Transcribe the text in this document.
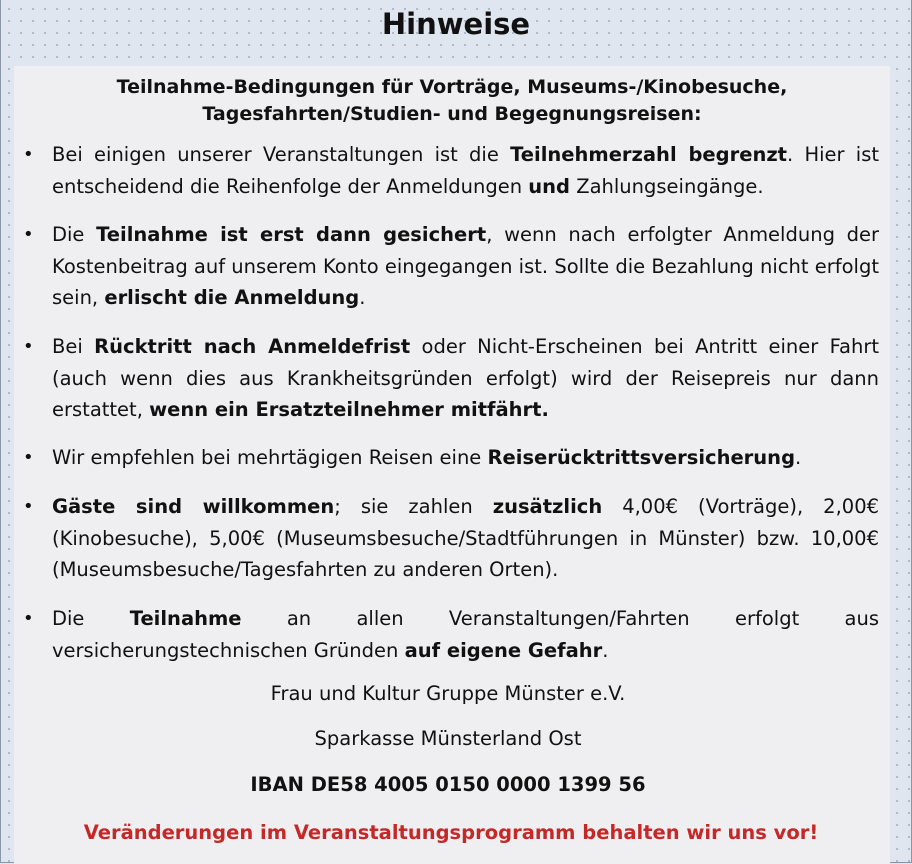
Hinweise
Teilnahme-Bedingungen für Vorträge, Museums-/Kinobesuche,
Tagesfahrten/Studien- und Begegnungsreisen:
• Bei einigen unserer Veranstaltungen ist die Teilnehmerzahl begrenzt. Hier ist entscheidend die Reihenfolge der Anmeldungen und Zahlungseingänge.
• Die Teilnahme ist erst dann gesichert, wenn nach erfolgter Anmeldung der Kostenbeitrag auf unserem Konto eingegangen ist. Sollte die Bezahlung nicht erfolgt sein, erlischt die Anmeldung.
• Bei Rücktritt nach Anmeldefrist oder Nicht-Erscheinen bei Antritt einer Fahrt (auch wenn dies aus Krankheitsgründen erfolgt) wird der Reisepreis nur dann erstattet, wenn ein Ersatzteilnehmer mitfährt.
• Wir empfehlen bei mehrtägigen Reisen eine Reiserücktrittsversicherung.
• Gäste sind willkommen; sie zahlen zusätzlich 4,00€ (Vorträge), 2,00€ (Kinobesuche), 5,00€ (Museumsbesuche/Stadtführungen in Münster) bzw. 10,00€ (Museumsbesuche/Tagesfahrten zu anderen Orten).
• Die Teilnahme an allen Veranstaltungen/Fahrten erfolgt aus
versicherungstechnischen Gründen auf eigene Gefahr.
Frau und Kultur Gruppe Münster e.V.
Sparkasse Münsterland Ost
IBAN DE58 4005 0150 0000 1399 56
Veränderungen im Veranstaltungsprogramm behalten wir uns vor!
